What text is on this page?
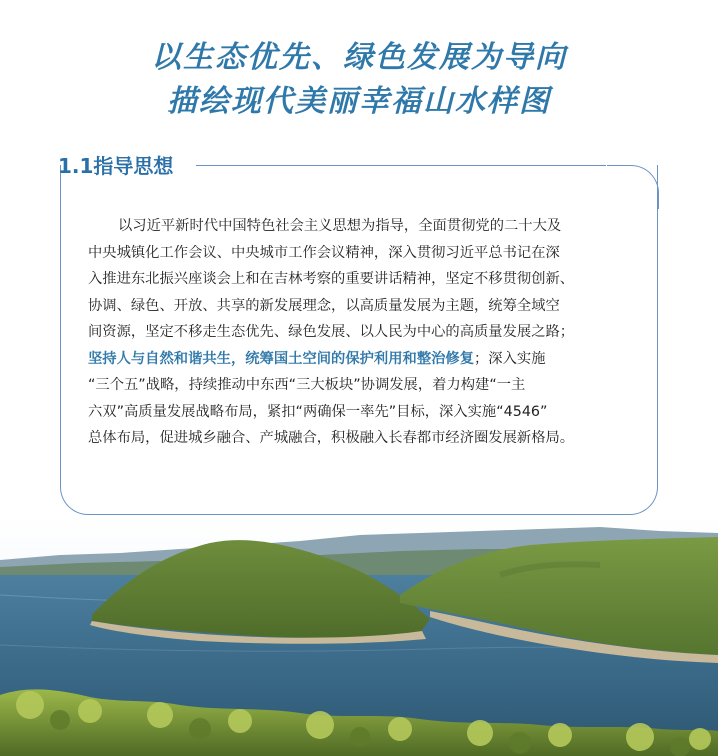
以生态优先、绿色发展为导向
描绘现代美丽幸福山水样图
1.1指导思想
以习近平新时代中国特色社会主义思想为指导，全面贯彻党的二十大及
中央城镇化工作会议、中央城市工作会议精神，深入贯彻习近平总书记在深
入推进东北振兴座谈会上和在吉林考察的重要讲话精神，坚定不移贯彻创新、
协调、绿色、开放、共享的新发展理念，以高质量发展为主题，统筹全域空
间资源，坚定不移走生态优先、绿色发展、以人民为中心的高质量发展之路；
坚持人与自然和谐共生，统筹国土空间的保护利用和整治修复；深入实施
“三个五”战略，持续推动中东西“三大板块”协调发展，着力构建“一主
六双”高质量发展战略布局，紧扣“两确保一率先”目标，深入实施“4546”
总体布局，促进城乡融合、产城融合，积极融入长春都市经济圈发展新格局。
